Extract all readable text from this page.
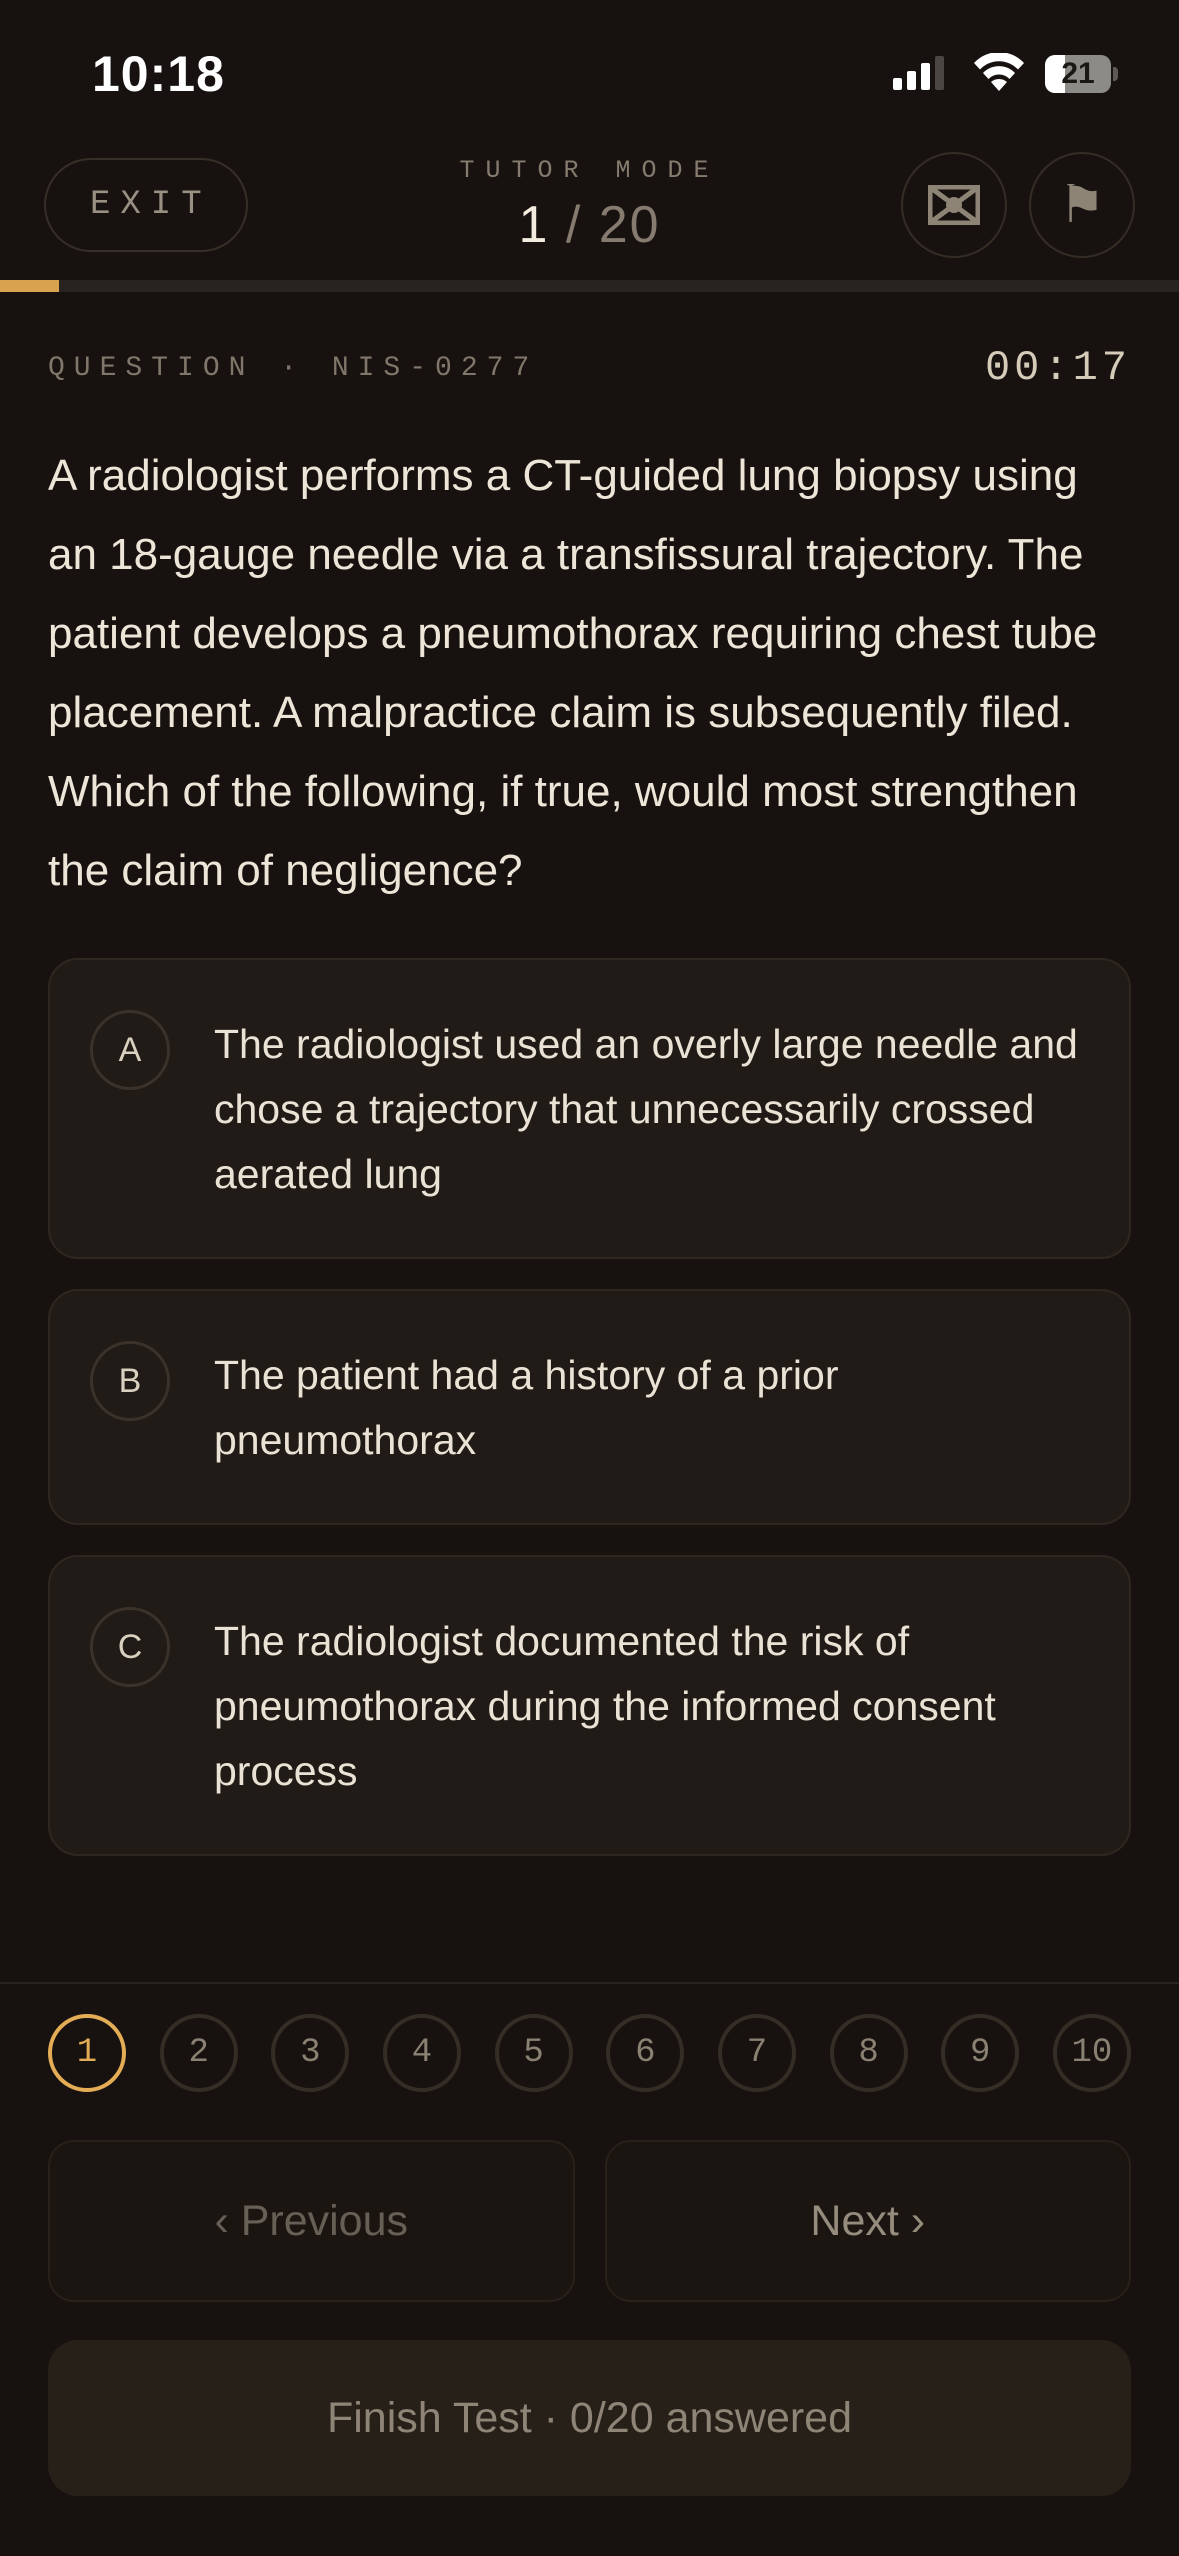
10:18	21
EXIT
TUTOR MODE
1 / 20	⚑
QUESTION · NIS-0277	00:17
A radiologist performs a CT-guided lung biopsy using an 18-gauge needle via a transfissural trajectory. The patient develops a pneumothorax requiring chest tube placement. A malpractice claim is subsequently filed. Which of the following, if true, would most strengthen the claim of negligence?
A	The radiologist used an overly large needle and chose a trajectory that unnecessarily crossed aerated lung
B	The patient had a history of a prior pneumothorax
C	The radiologist documented the risk of pneumothorax during the informed consent process
1	2	3	4	5	6	7	8	9	10
‹ Previous	Next ›
Finish Test · 0/20 answered
